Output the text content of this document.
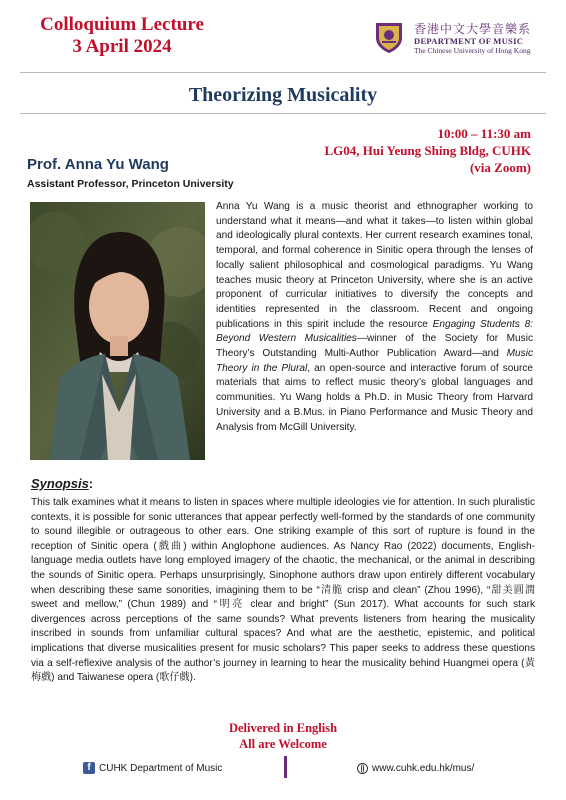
Colloquium Lecture
3 April 2024
香港中文大學音樂系
DEPARTMENT OF MUSIC
The Chinese University of Hong Kong
Theorizing Musicality
10:00 – 11:30 am
LG04, Hui Yeung Shing Bldg, CUHK
(via Zoom)
Prof. Anna Yu Wang
Assistant Professor, Princeton University
Anna Yu Wang is a music theorist and ethnographer working to understand what it means—and what it takes—to listen within global and ideologically plural contexts. Her current research examines tonal, temporal, and formal coherence in Sinitic opera through the lenses of locally salient philosophical and cosmological paradigms. Yu Wang teaches music theory at Princeton University, where she is an active proponent of curricular initiatives to diversify the concepts and identities represented in the classroom. Recent and ongoing publications in this spirit include the resource Engaging Students 8: Beyond Western Musicalities—winner of the Society for Music Theory’s Outstanding Multi-Author Publication Award—and Music Theory in the Plural, an open-source and interactive forum of source materials that aims to reflect music theory’s global languages and communities. Yu Wang holds a Ph.D. in Music Theory from Harvard University and a B.Mus. in Piano Performance and Music Theory and Analysis from McGill University.
Synopsis:
This talk examines what it means to listen in spaces where multiple ideologies vie for attention. In such pluralistic contexts, it is possible for sonic utterances that appear perfectly well-formed by the standards of one community to sound illegible or outrageous to other ears. One striking example of this sort of rupture is found in the reception of Sinitic opera (戲曲) within Anglophone audiences. As Nancy Rao (2022) documents, English-language media outlets have long employed imagery of the chaotic, the mechanical, or the animal in describing the sounds of Sinitic opera. Perhaps unsurprisingly, Sinophone authors draw upon entirely different vocabulary when describing these same sonorities, imagining them to be “清脆 crisp and clean” (Zhou 1996), “甜美圓潤 sweet and mellow,” (Chun 1989) and “明亮 clear and bright” (Sun 2017). What accounts for such stark divergences across perceptions of the same sounds? What prevents listeners from hearing the musicality inscribed in sounds from unfamiliar cultural spaces? And what are the aesthetic, epistemic, and political implications that diverse musicalities present for music scholars? This paper seeks to address these questions via a self-reflexive analysis of the author’s journey in learning to hear the musicality behind Huangmei opera (黃梅戲) and Taiwanese opera (歌仔戲).
Delivered in English
All are Welcome
f CUHK Department of Music	www.cuhk.edu.hk/mus/
